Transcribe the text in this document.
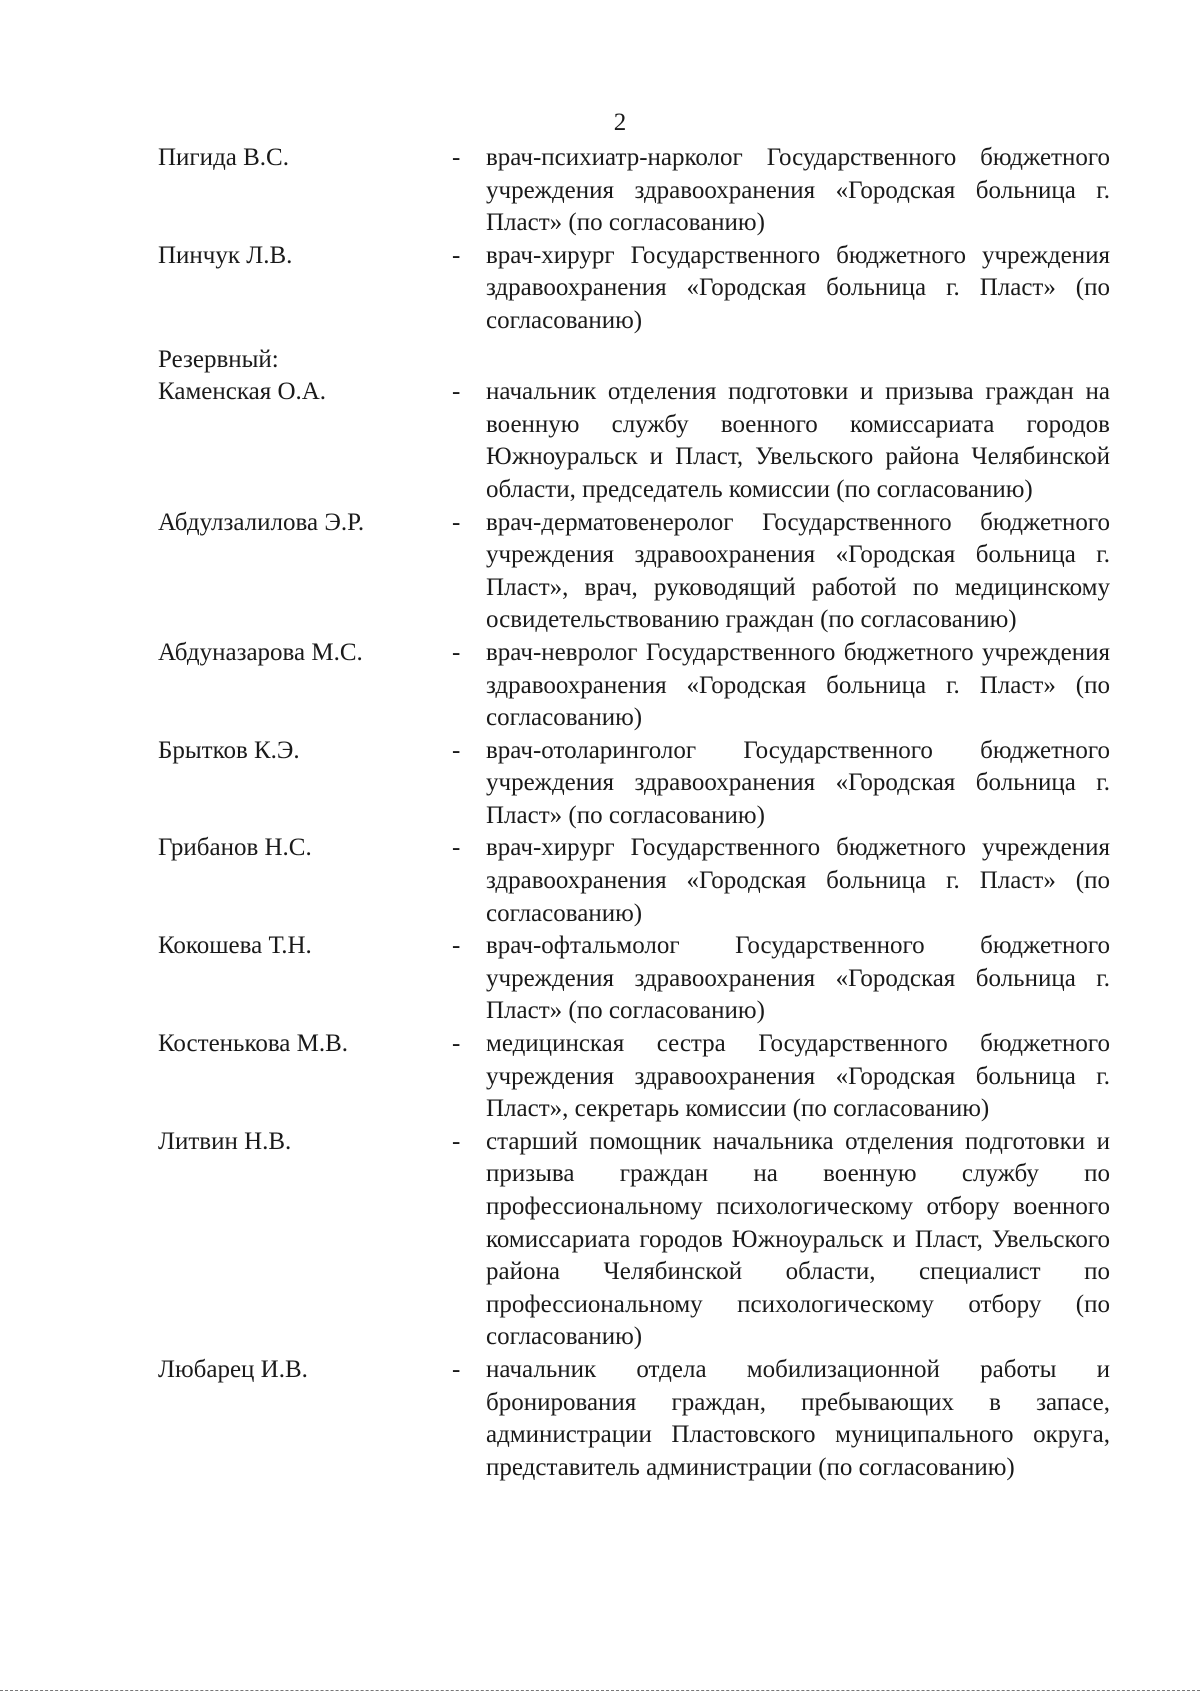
2
Пигида В.С.	-	врач-психиатр-нарколог Государственного бюджетного учреждения здравоохранения «Городская больница г. Пласт» (по согласованию)
Пинчук Л.В.	-	врач-хирург Государственного бюджетного учреждения здравоохранения «Городская больница г. Пласт» (по согласованию)
Резервный:
Каменская О.А.	-	начальник отделения подготовки и призыва граждан на военную службу военного комиссариата городов Южноуральск и Пласт, Увельского района Челябинской области, председатель комиссии (по согласованию)
Абдулзалилова Э.Р.	-	врач-дерматовенеролог Государственного бюджетного учреждения здравоохранения «Городская больница г. Пласт», врач, руководящий работой по медицинскому освидетельствованию граждан (по согласованию)
Абдуназарова М.С.	-	врач-невролог Государственного бюджетного учреждения здравоохранения «Городская больница г. Пласт» (по согласованию)
Брытков К.Э.	-	врач-отоларинголог Государственного бюджетного учреждения здравоохранения «Городская больница г. Пласт» (по согласованию)
Грибанов Н.С.	-	врач-хирург Государственного бюджетного учреждения здравоохранения «Городская больница г. Пласт» (по согласованию)
Кокошева Т.Н.	-	врач-офтальмолог Государственного бюджетного учреждения здравоохранения «Городская больница г. Пласт» (по согласованию)
Костенькова М.В.	-	медицинская сестра Государственного бюджетного учреждения здравоохранения «Городская больница г. Пласт», секретарь комиссии (по согласованию)
Литвин Н.В.	-	старший помощник начальника отделения подготовки и призыва граждан на военную службу по профессиональному психологическому отбору военного комиссариата городов Южноуральск и Пласт, Увельского района Челябинской области, специалист по профессиональному психологическому отбору (по согласованию)
Любарец И.В.	-	начальник отдела мобилизационной работы и бронирования граждан, пребывающих в запасе, администрации Пластовского муниципального округа, представитель администрации (по согласованию)
